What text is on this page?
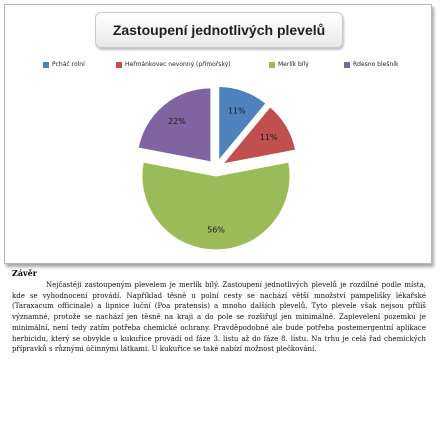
Zastoupení jednotlivých plevelů
Pcháč rolní	Heřmánkovec nevonný (přímořský)	Merlík bílý	Rdesno blešník
11%
11%
56%
22%

Závěr

Nejčastěji zastoupeným plevelem je merlík bílý. Zastoupení jednotlivých plevelů je rozdílné podle místa, kde se vyhodnocení provádí. Například těsně u polní cesty se nachází větší množství pampelišky lékařské (Taraxacum officinale) a lipnice luční (Poa pratensis) a mnoho dalších plevelů. Tyto plevele však nejsou příliš významné, protože se nachází jen těsně na kraji a do pole se rozšiřují jen minimálně. Zaplevelení pozemku je minimální, není tedy zatím potřeba chemické ochrany. Pravděpodobně ale bude potřeba postemergentní aplikace herbicidu, který se obvykle u kukuřice provádí od fáze 3. listu až do fáze 8. listu. Na trhu je celá řad chemických přípravků s různými účinnými látkami. U kukuřice se také nabízí možnost plečkování.
